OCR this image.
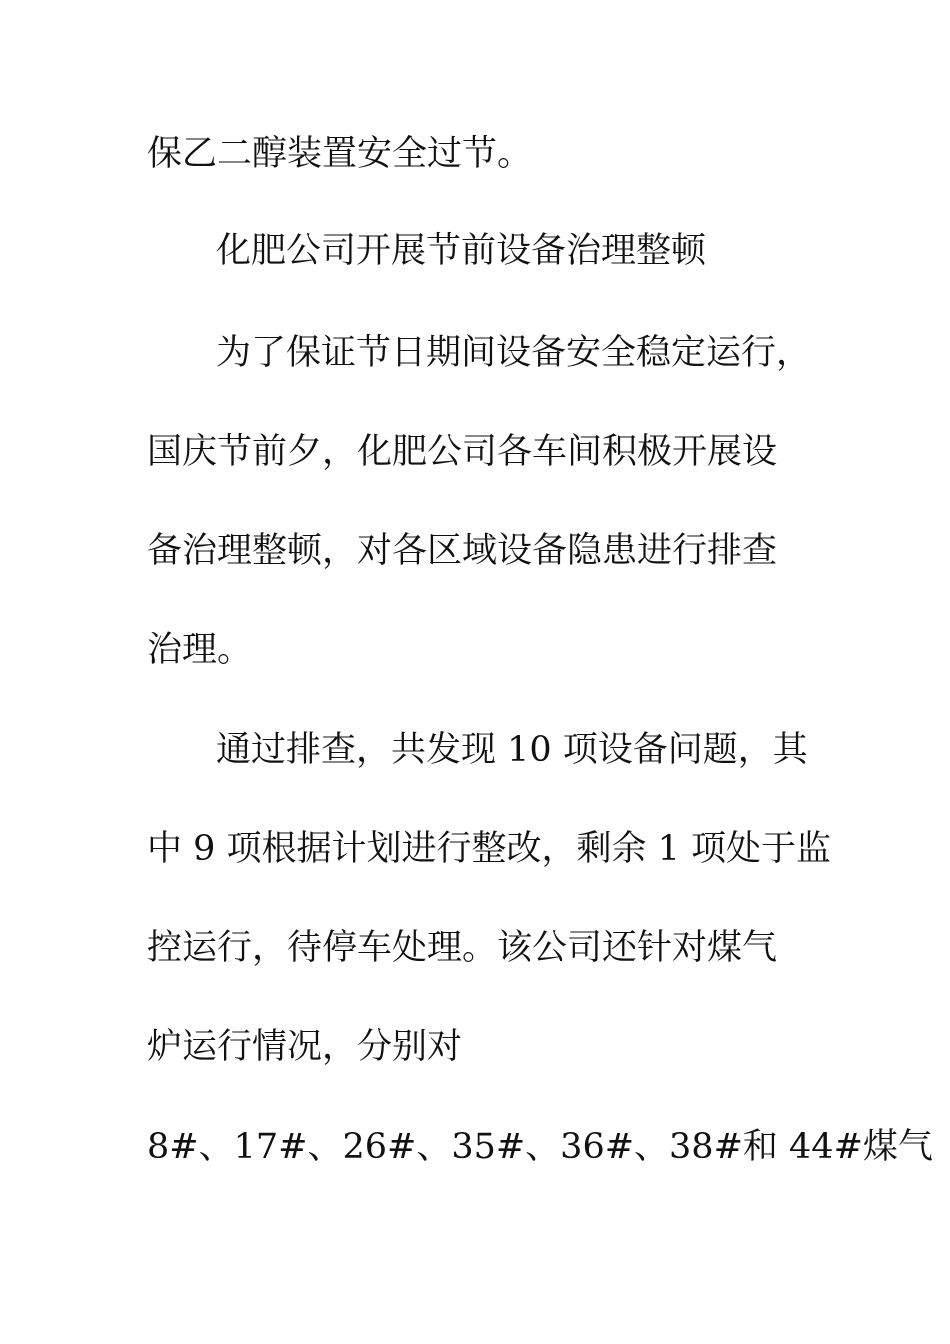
保乙二醇装置安全过节。

化肥公司开展节前设备治理整顿

为了保证节日期间设备安全稳定运行，

国庆节前夕，化肥公司各车间积极开展设

备治理整顿，对各区域设备隐患进行排查

治理。

通过排查，共发现 10 项设备问题，其

中 9 项根据计划进行整改，剩余 1 项处于监

控运行，待停车处理。该公司还针对煤气

炉运行情况，分别对

8#、17#、26#、35#、36#、38#和 44#煤气
